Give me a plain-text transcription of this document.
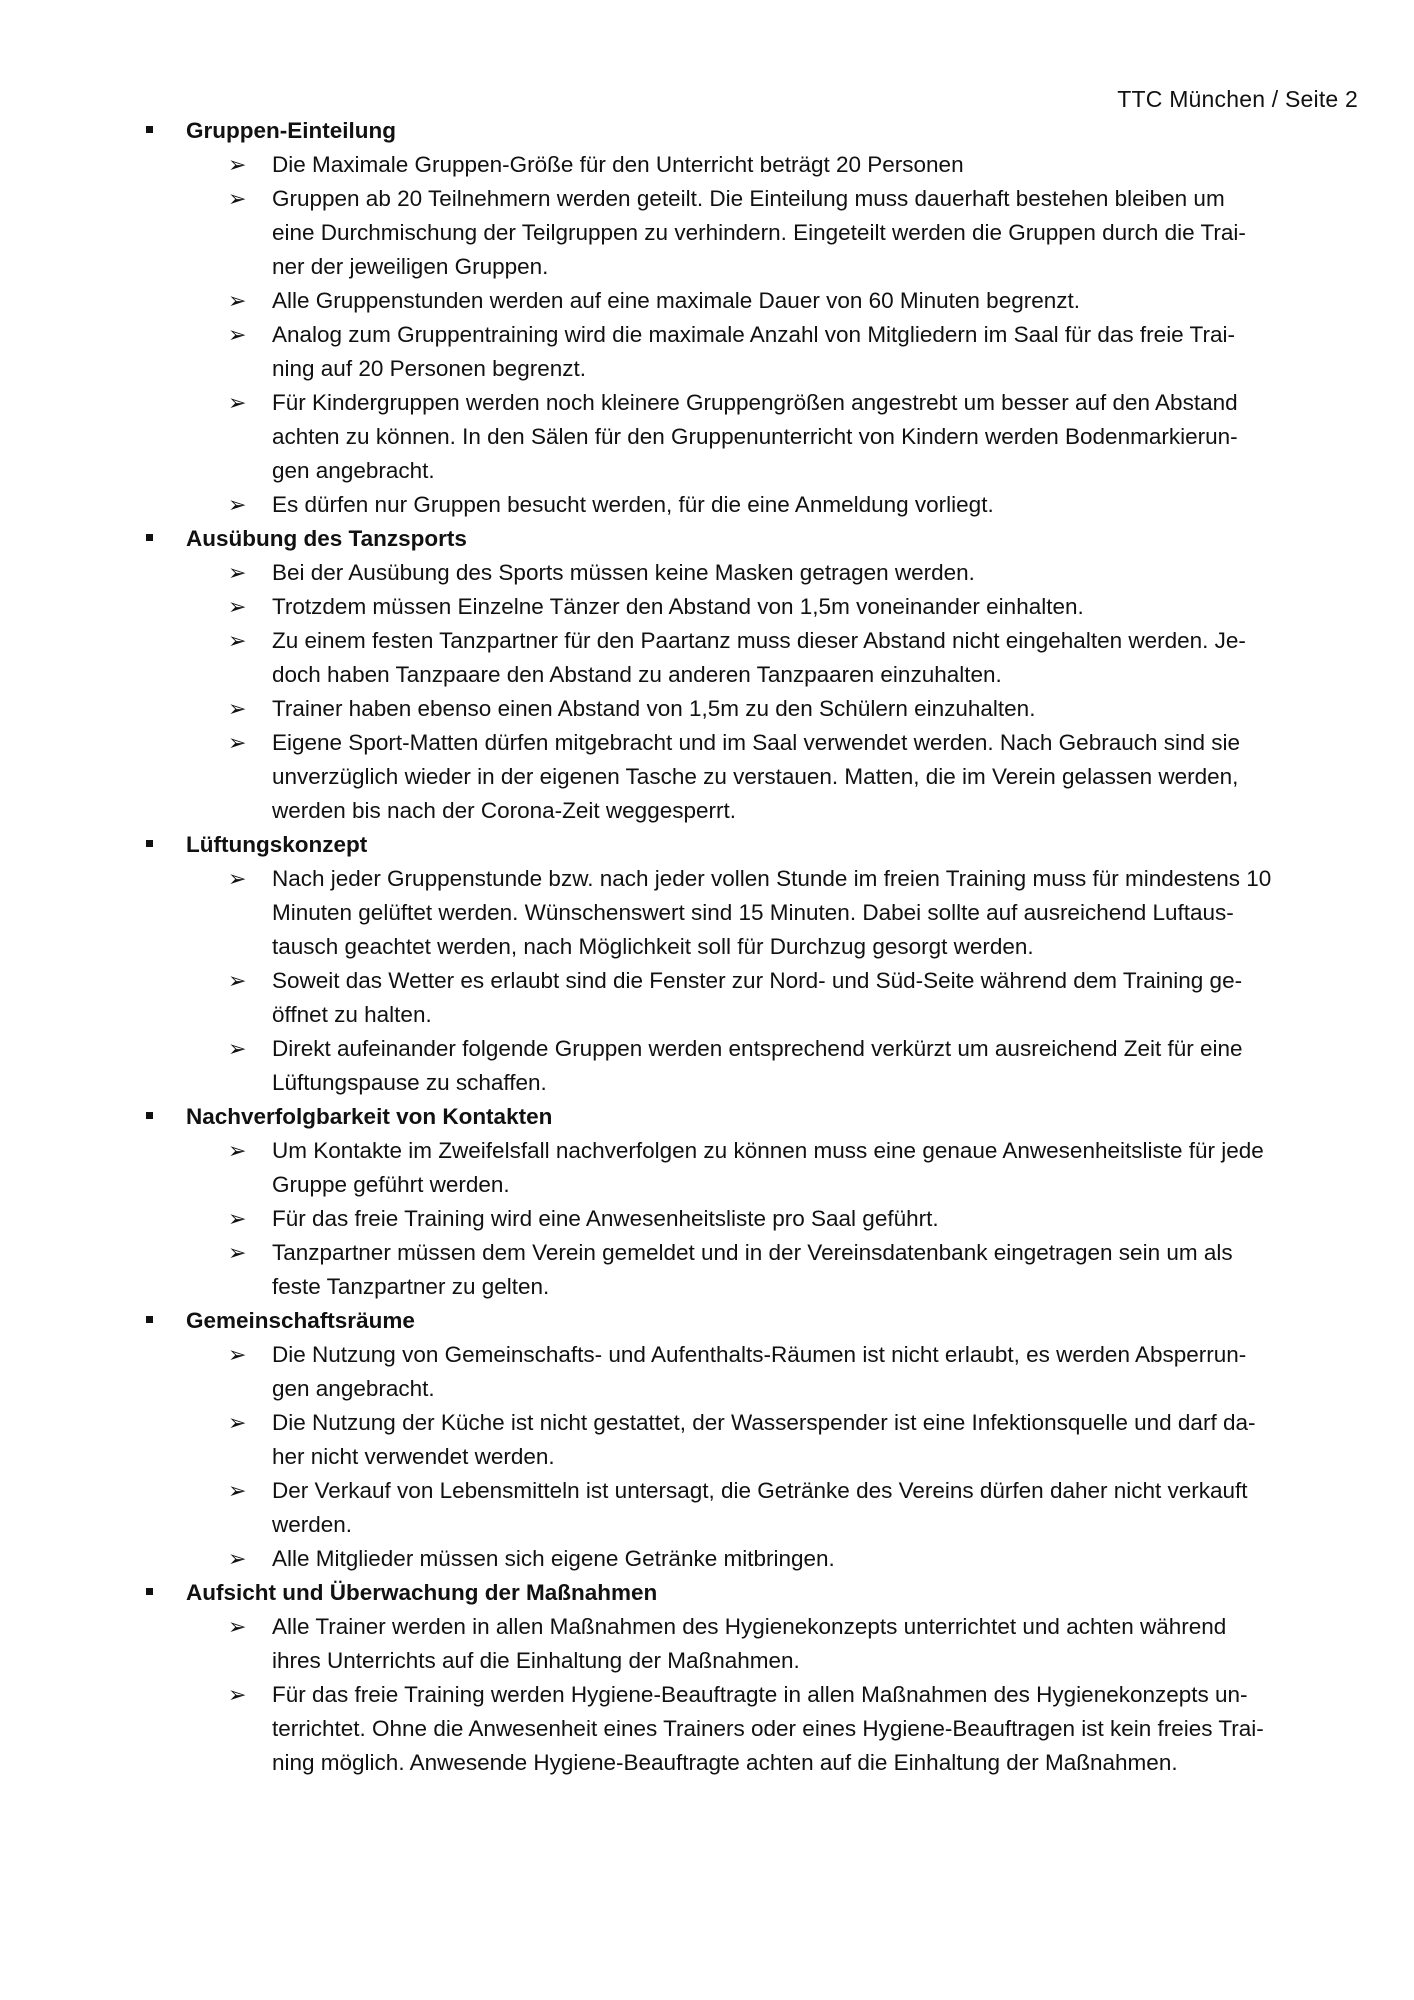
TTC München / Seite 2
Gruppen-Einteilung
➢ Die Maximale Gruppen-Größe für den Unterricht beträgt 20 Personen
➢ Gruppen ab 20 Teilnehmern werden geteilt. Die Einteilung muss dauerhaft bestehen bleiben um
eine Durchmischung der Teilgruppen zu verhindern. Eingeteilt werden die Gruppen durch die Trai-
ner der jeweiligen Gruppen.
➢ Alle Gruppenstunden werden auf eine maximale Dauer von 60 Minuten begrenzt.
➢ Analog zum Gruppentraining wird die maximale Anzahl von Mitgliedern im Saal für das freie Trai-
ning auf 20 Personen begrenzt.
➢ Für Kindergruppen werden noch kleinere Gruppengrößen angestrebt um besser auf den Abstand
achten zu können. In den Sälen für den Gruppenunterricht von Kindern werden Bodenmarkierun-
gen angebracht.
➢ Es dürfen nur Gruppen besucht werden, für die eine Anmeldung vorliegt.
Ausübung des Tanzsports
➢ Bei der Ausübung des Sports müssen keine Masken getragen werden.
➢ Trotzdem müssen Einzelne Tänzer den Abstand von 1,5m voneinander einhalten.
➢ Zu einem festen Tanzpartner für den Paartanz muss dieser Abstand nicht eingehalten werden. Je-
doch haben Tanzpaare den Abstand zu anderen Tanzpaaren einzuhalten.
➢ Trainer haben ebenso einen Abstand von 1,5m zu den Schülern einzuhalten.
➢ Eigene Sport-Matten dürfen mitgebracht und im Saal verwendet werden. Nach Gebrauch sind sie
unverzüglich wieder in der eigenen Tasche zu verstauen. Matten, die im Verein gelassen werden,
werden bis nach der Corona-Zeit weggesperrt.
Lüftungskonzept
➢ Nach jeder Gruppenstunde bzw. nach jeder vollen Stunde im freien Training muss für mindestens 10
Minuten gelüftet werden. Wünschenswert sind 15 Minuten. Dabei sollte auf ausreichend Luftaus-
tausch geachtet werden, nach Möglichkeit soll für Durchzug gesorgt werden.
➢ Soweit das Wetter es erlaubt sind die Fenster zur Nord- und Süd-Seite während dem Training ge-
öffnet zu halten.
➢ Direkt aufeinander folgende Gruppen werden entsprechend verkürzt um ausreichend Zeit für eine
Lüftungspause zu schaffen.
Nachverfolgbarkeit von Kontakten
➢ Um Kontakte im Zweifelsfall nachverfolgen zu können muss eine genaue Anwesenheitsliste für jede
Gruppe geführt werden.
➢ Für das freie Training wird eine Anwesenheitsliste pro Saal geführt.
➢ Tanzpartner müssen dem Verein gemeldet und in der Vereinsdatenbank eingetragen sein um als
feste Tanzpartner zu gelten.
Gemeinschaftsräume
➢ Die Nutzung von Gemeinschafts- und Aufenthalts-Räumen ist nicht erlaubt, es werden Absperrun-
gen angebracht.
➢ Die Nutzung der Küche ist nicht gestattet, der Wasserspender ist eine Infektionsquelle und darf da-
her nicht verwendet werden.
➢ Der Verkauf von Lebensmitteln ist untersagt, die Getränke des Vereins dürfen daher nicht verkauft
werden.
➢ Alle Mitglieder müssen sich eigene Getränke mitbringen.
Aufsicht und Überwachung der Maßnahmen
➢ Alle Trainer werden in allen Maßnahmen des Hygienekonzepts unterrichtet und achten während
ihres Unterrichts auf die Einhaltung der Maßnahmen.
➢ Für das freie Training werden Hygiene-Beauftragte in allen Maßnahmen des Hygienekonzepts un-
terrichtet. Ohne die Anwesenheit eines Trainers oder eines Hygiene-Beauftragen ist kein freies Trai-
ning möglich. Anwesende Hygiene-Beauftragte achten auf die Einhaltung der Maßnahmen.
